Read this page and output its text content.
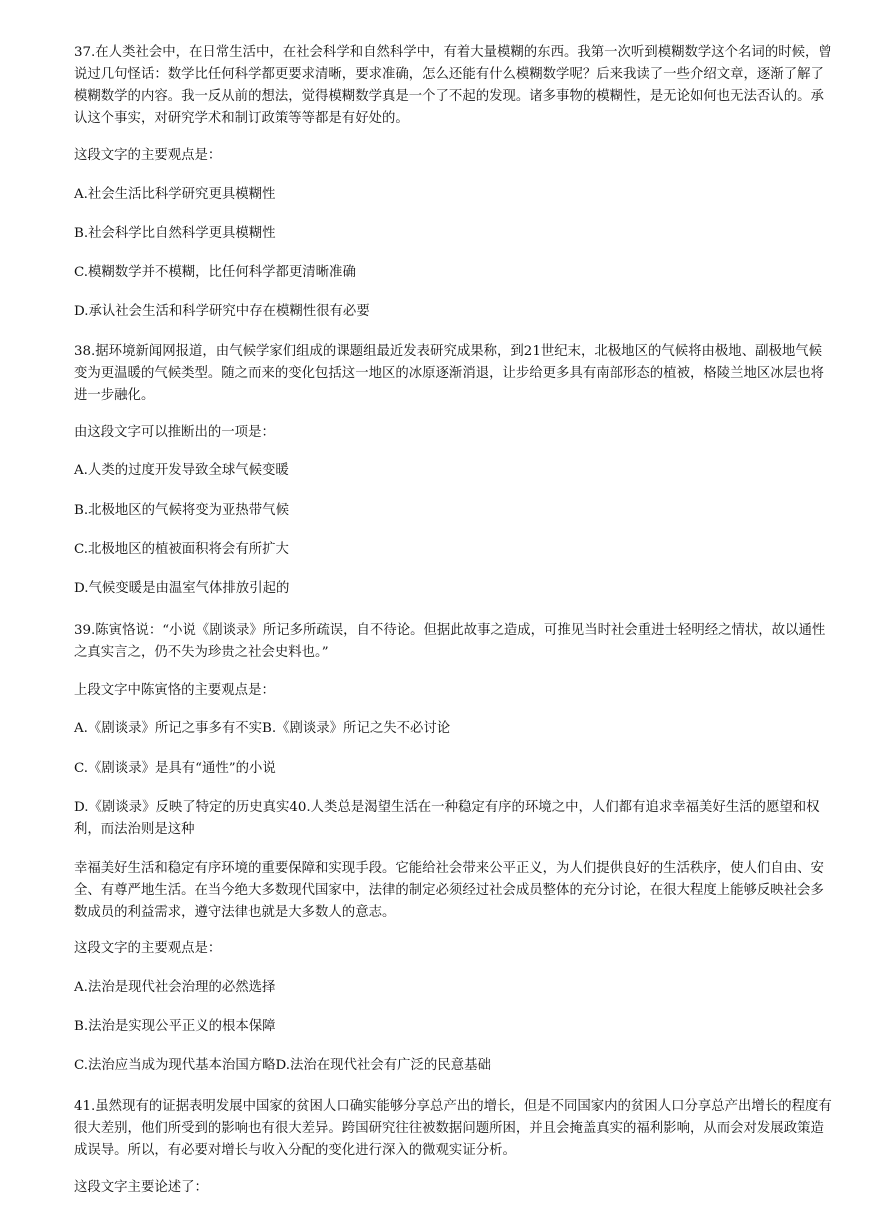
37.在人类社会中，在日常生活中，在社会科学和自然科学中，有着大量模糊的东西。我第一次听到模糊数学这个名词的时候，曾说过几句怪话：数学比任何科学都更要求清晰，要求准确，怎么还能有什么模糊数学呢？后来我读了一些介绍文章，逐渐了解了模糊数学的内容。我一反从前的想法，觉得模糊数学真是一个了不起的发现。诸多事物的模糊性，是无论如何也无法否认的。承认这个事实，对研究学术和制订政策等等都是有好处的。

这段文字的主要观点是：

A.社会生活比科学研究更具模糊性

B.社会科学比自然科学更具模糊性

C.模糊数学并不模糊，比任何科学都更清晰准确

D.承认社会生活和科学研究中存在模糊性很有必要

38.据环境新闻网报道，由气候学家们组成的课题组最近发表研究成果称，到21世纪末，北极地区的气候将由极地、副极地气候变为更温暖的气候类型。随之而来的变化包括这一地区的冰原逐渐消退，让步给更多具有南部形态的植被，格陵兰地区冰层也将进一步融化。

由这段文字可以推断出的一项是：

A.人类的过度开发导致全球气候变暖

B.北极地区的气候将变为亚热带气候

C.北极地区的植被面积将会有所扩大

D.气候变暖是由温室气体排放引起的

39.陈寅恪说：“小说《剧谈录》所记多所疏误，自不待论。但据此故事之造成，可推见当时社会重进士轻明经之情状，故以通性之真实言之，仍不失为珍贵之社会史料也。”

上段文字中陈寅恪的主要观点是：

A.《剧谈录》所记之事多有不实B.《剧谈录》所记之失不必讨论

C.《剧谈录》是具有“通性”的小说

D.《剧谈录》反映了特定的历史真实40.人类总是渴望生活在一种稳定有序的环境之中，人们都有追求幸福美好生活的愿望和权利，而法治则是这种

幸福美好生活和稳定有序环境的重要保障和实现手段。它能给社会带来公平正义，为人们提供良好的生活秩序，使人们自由、安全、有尊严地生活。在当今绝大多数现代国家中，法律的制定必须经过社会成员整体的充分讨论，在很大程度上能够反映社会多数成员的利益需求，遵守法律也就是大多数人的意志。

这段文字的主要观点是：

A.法治是现代社会治理的必然选择

B.法治是实现公平正义的根本保障

C.法治应当成为现代基本治国方略D.法治在现代社会有广泛的民意基础

41.虽然现有的证据表明发展中国家的贫困人口确实能够分享总产出的增长，但是不同国家内的贫困人口分享总产出增长的程度有很大差别，他们所受到的影响也有很大差异。跨国研究往往被数据问题所困，并且会掩盖真实的福利影响，从而会对发展政策造成误导。所以，有必要对增长与收入分配的变化进行深入的微观实证分析。

这段文字主要论述了：
